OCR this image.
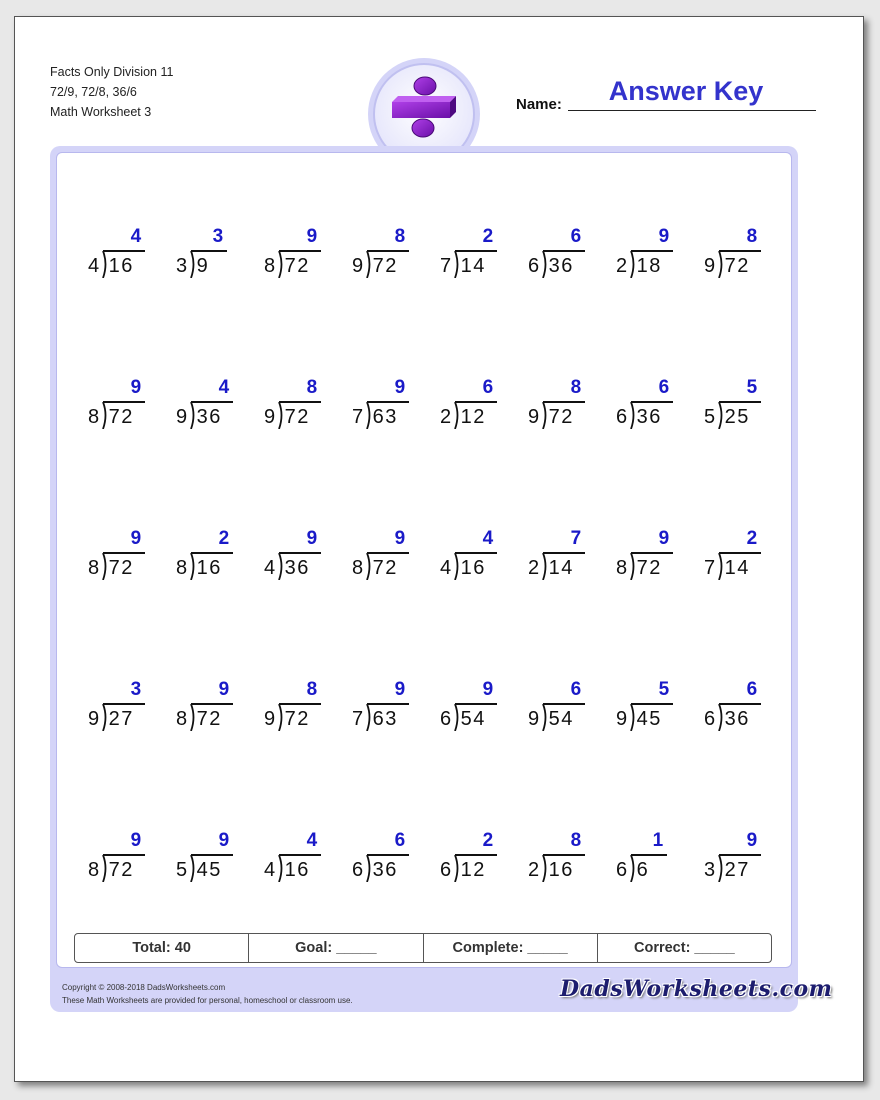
Facts Only Division 11
72/9, 72/8, 36/6
Math Worksheet 3	Name:	Answer Key
4 16
4
3 9
3
8 72
9
9 72
8
7 14
2
6 36
6
2 18
9
9 72
8
8 72
9
9 36
4
9 72
8
7 63
9
2 12
6
9 72
8
6 36
6
5 25
5
8 72
9
8 16
2
4 36
9
8 72
9
4 16
4
2 14
7
8 72
9
7 14
2
9 27
3
8 72
9
9 72
8
7 63
9
6 54
9
9 54
6
9 45
5
6 36
6
8 72
9
5 45
9
4 16
4
6 36
6
6 12
2
2 16
8
6 6
1
3 27
9
Total: 40	Goal: _____	Complete: _____	Correct: _____
Copyright © 2008-2018 DadsWorksheets.com
These Math Worksheets are provided for personal, homeschool or classroom use.	DadsWorksheets.com
